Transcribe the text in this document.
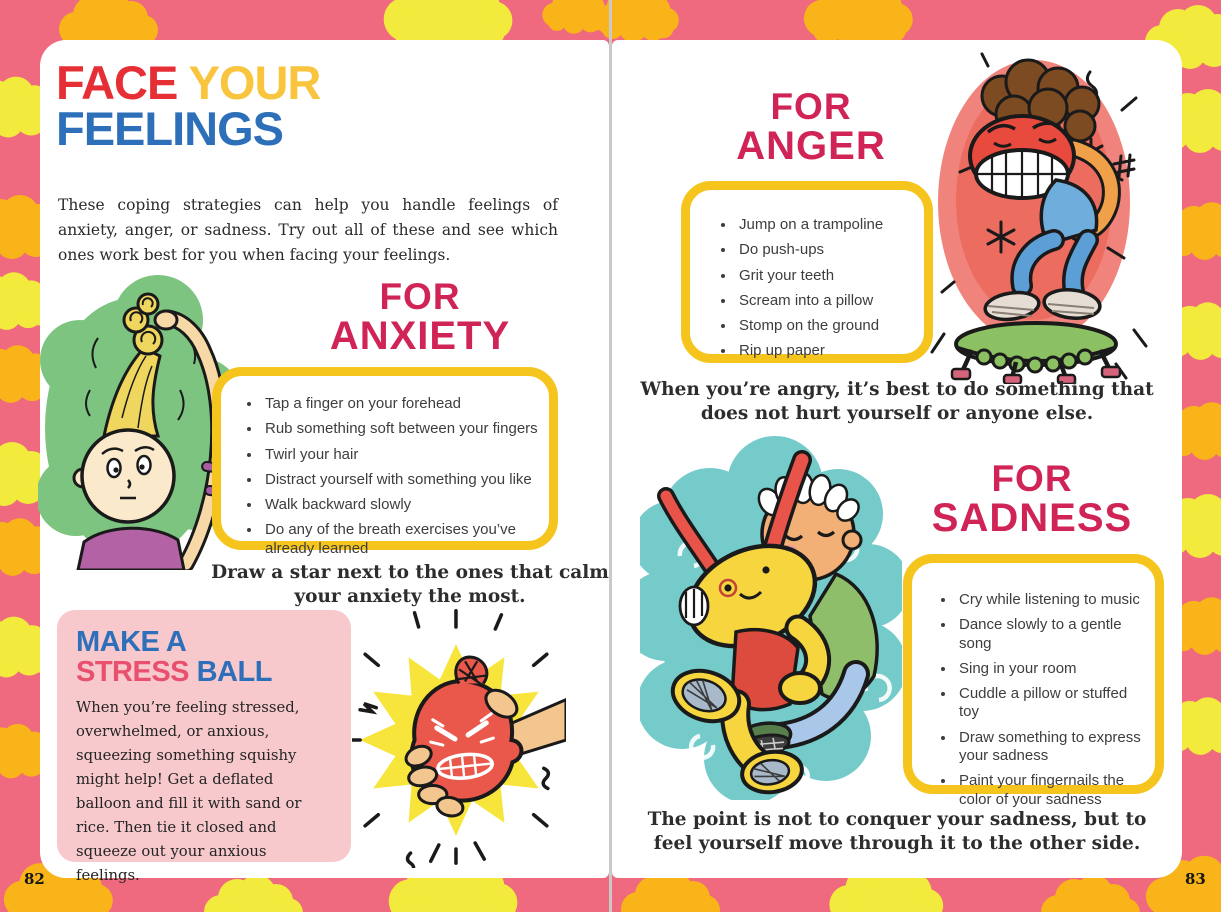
FACE YOUR
FEELINGS

These coping strategies can help you handle feelings of anxiety, anger, or sadness. Try out all of these and see which ones work best for you when facing your feelings.

FOR
ANXIETY
• Tap a finger on your forehead
• Rub something soft between your fingers
• Twirl your hair
• Distract yourself with something you like
• Walk backward slowly
• Do any of the breath exercises you’ve already learned
Draw a star next to the ones that calm your anxiety the most.
MAKE A
STRESS BALL

When you’re feeling stressed, overwhelmed, or anxious, squeezing something squishy might help! Get a deflated balloon and fill it with sand or rice. Then tie it closed and squeeze out your anxious feelings.

FOR
ANGER
• Jump on a trampoline
• Do push-ups
• Grit your teeth
• Scream into a pillow
• Stomp on the ground
• Rip up paper
When you’re angry, it’s best to do something that does not hurt yourself or anyone else.
FOR
SADNESS
• Cry while listening to music
• Dance slowly to a gentle song
• Sing in your room
• Cuddle a pillow or stuffed toy
• Draw something to express your sadness
• Paint your fingernails the color of your sadness
The point is not to conquer your sadness, but to feel yourself move through it to the other side.
82	83
